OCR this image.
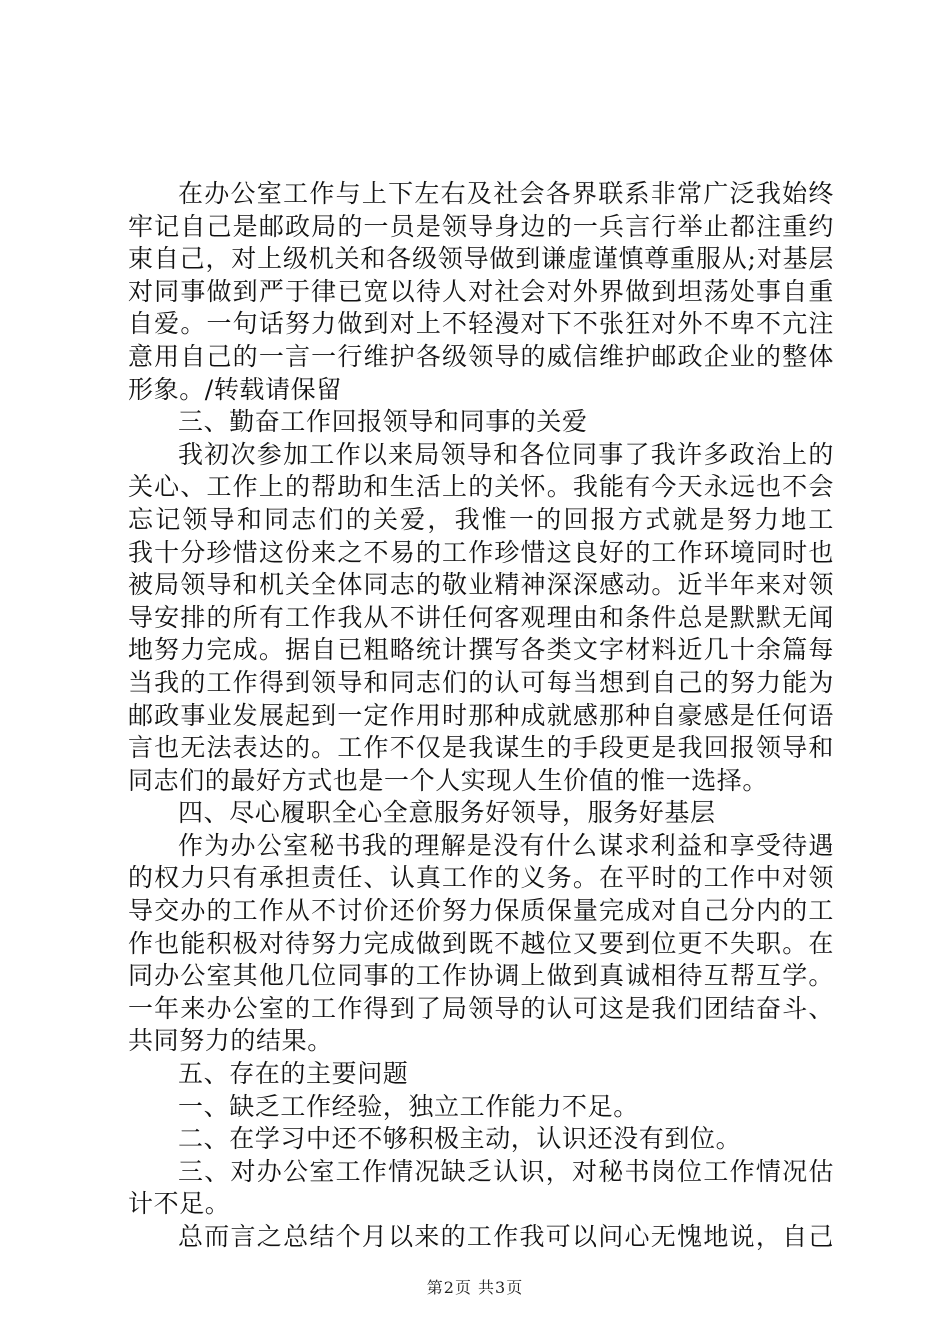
在办公室工作与上下左右及社会各界联系非常广泛我始终
牢记自己是邮政局的一员是领导身边的一兵言行举止都注重约
束自己，对上级机关和各级领导做到谦虚谨慎尊重服从;对基层
对同事做到严于律已宽以待人对社会对外界做到坦荡处事自重
自爱。一句话努力做到对上不轻漫对下不张狂对外不卑不亢注
意用自己的一言一行维护各级领导的威信维护邮政企业的整体
形象。/转载请保留
三、勤奋工作回报领导和同事的关爱
我初次参加工作以来局领导和各位同事了我许多政治上的
关心、工作上的帮助和生活上的关怀。我能有今天永远也不会
忘记领导和同志们的关爱，我惟一的回报方式就是努力地工
我十分珍惜这份来之不易的工作珍惜这良好的工作环境同时也
被局领导和机关全体同志的敬业精神深深感动。近半年来对领
导安排的所有工作我从不讲任何客观理由和条件总是默默无闻
地努力完成。据自已粗略统计撰写各类文字材料近几十余篇每
当我的工作得到领导和同志们的认可每当想到自己的努力能为
邮政事业发展起到一定作用时那种成就感那种自豪感是任何语
言也无法表达的。工作不仅是我谋生的手段更是我回报领导和
同志们的最好方式也是一个人实现人生价值的惟一选择。
四、尽心履职全心全意服务好领导，服务好基层
作为办公室秘书我的理解是没有什么谋求利益和享受待遇
的权力只有承担责任、认真工作的义务。在平时的工作中对领
导交办的工作从不讨价还价努力保质保量完成对自己分内的工
作也能积极对待努力完成做到既不越位又要到位更不失职。在
同办公室其他几位同事的工作协调上做到真诚相待互帮互学。
一年来办公室的工作得到了局领导的认可这是我们团结奋斗、
共同努力的结果。
五、存在的主要问题
一、缺乏工作经验，独立工作能力不足。
二、在学习中还不够积极主动，认识还没有到位。
三、对办公室工作情况缺乏认识，对秘书岗位工作情况估
计不足。
总而言之总结个月以来的工作我可以问心无愧地说，自己
第2页 共3页
